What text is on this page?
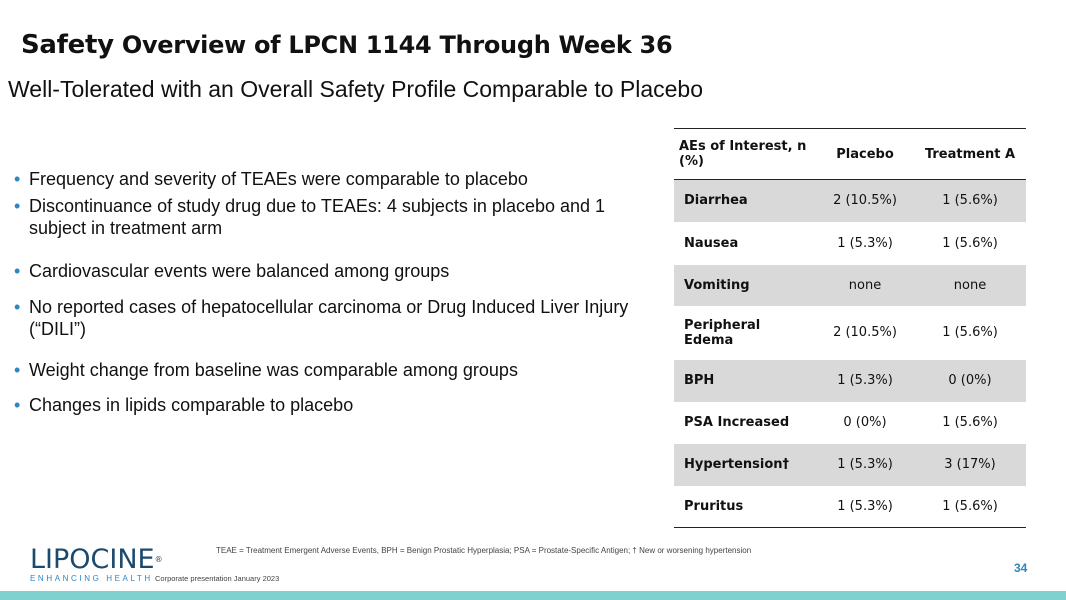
Safety Overview of LPCN 1144 Through Week 36
Well-Tolerated with an Overall Safety Profile Comparable to Placebo
• Frequency and severity of TEAEs were comparable to placebo
• Discontinuance of study drug due to TEAEs: 4 subjects in placebo and 1 subject in treatment arm
• Cardiovascular events were balanced among groups
• No reported cases of hepatocellular carcinoma or Drug Induced Liver Injury (“DILI”)
• Weight change from baseline was comparable among groups
• Changes in lipids comparable to placebo
AEs of Interest, n (%)	Placebo	Treatment A
Diarrhea	2 (10.5%)	1 (5.6%)
Nausea	1 (5.3%)	1 (5.6%)
Vomiting	none	none
Peripheral Edema	2 (10.5%)	1 (5.6%)
BPH	1 (5.3%)	0 (0%)
PSA Increased	0 (0%)	1 (5.6%)
Hypertension†	1 (5.3%)	3 (17%)
Pruritus	1 (5.3%)	1 (5.6%)
TEAE = Treatment Emergent Adverse Events, BPH = Benign Prostatic Hyperplasia; PSA = Prostate-Specific Antigen; † New or worsening hypertension
LIPOCINE®
ENHANCING HEALTH Corporate presentation January 2023
34
